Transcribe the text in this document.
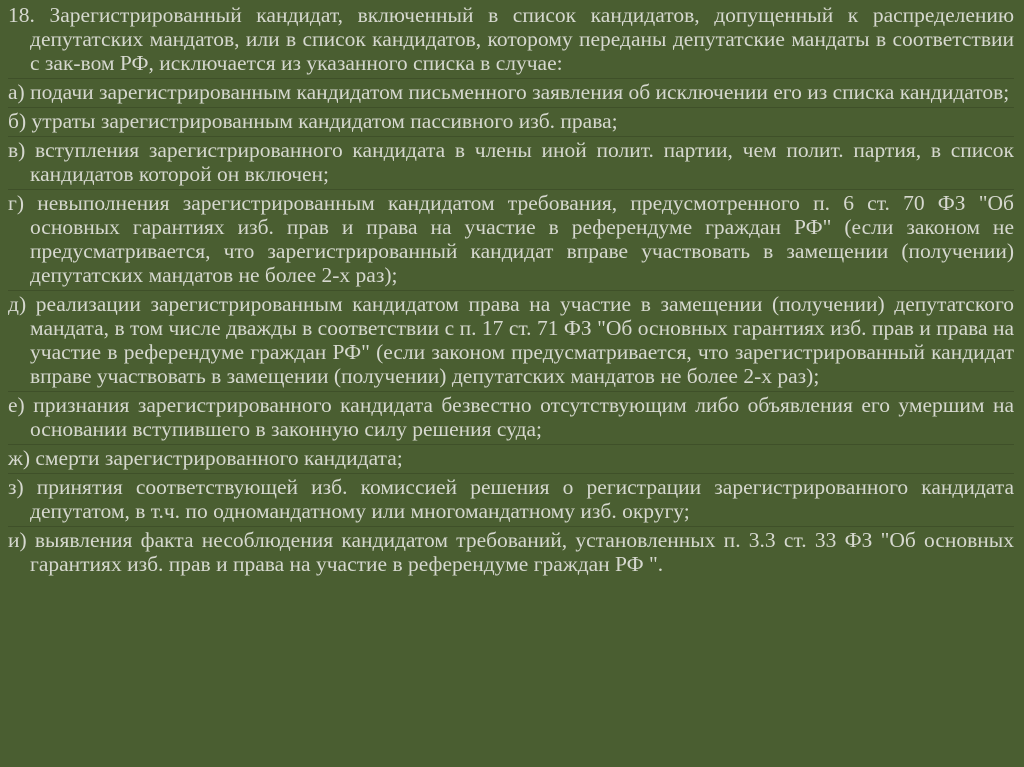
18. Зарегистрированный кандидат, включенный в список кандидатов, допущенный к распределению депутатских мандатов, или в список кандидатов, которому переданы депутатские мандаты в соответствии с зак-вом РФ, исключается из указанного списка в случае:

а) подачи зарегистрированным кандидатом письменного заявления об исключении его из списка кандидатов;

б) утраты зарегистрированным кандидатом пассивного изб. права;

в) вступления зарегистрированного кандидата в члены иной полит. партии, чем полит. партия, в список кандидатов которой он включен;

г) невыполнения зарегистрированным кандидатом требования, предусмотренного п. 6 ст. 70 ФЗ "Об основных гарантиях изб. прав и права на участие в референдуме граждан РФ" (если законом не предусматривается, что зарегистрированный кандидат вправе участвовать в замещении (получении) депутатских мандатов не более 2-х раз);

д) реализации зарегистрированным кандидатом права на участие в замещении (получении) депутатского мандата, в том числе дважды в соответствии с п. 17 ст. 71 ФЗ "Об основных гарантиях изб. прав и права на участие в референдуме граждан РФ" (если законом предусматривается, что зарегистрированный кандидат вправе участвовать в замещении (получении) депутатских мандатов не более 2-х раз);

е) признания зарегистрированного кандидата безвестно отсутствующим либо объявления его умершим на основании вступившего в законную силу решения суда;

ж) смерти зарегистрированного кандидата;

з) принятия соответствующей изб. комиссией решения о регистрации зарегистрированного кандидата депутатом, в т.ч. по одномандатному или многомандатному изб. округу;

и) выявления факта несоблюдения кандидатом требований, установленных п. 3.3 ст. 33 ФЗ "Об основных гарантиях изб. прав и права на участие в референдуме граждан РФ ".
